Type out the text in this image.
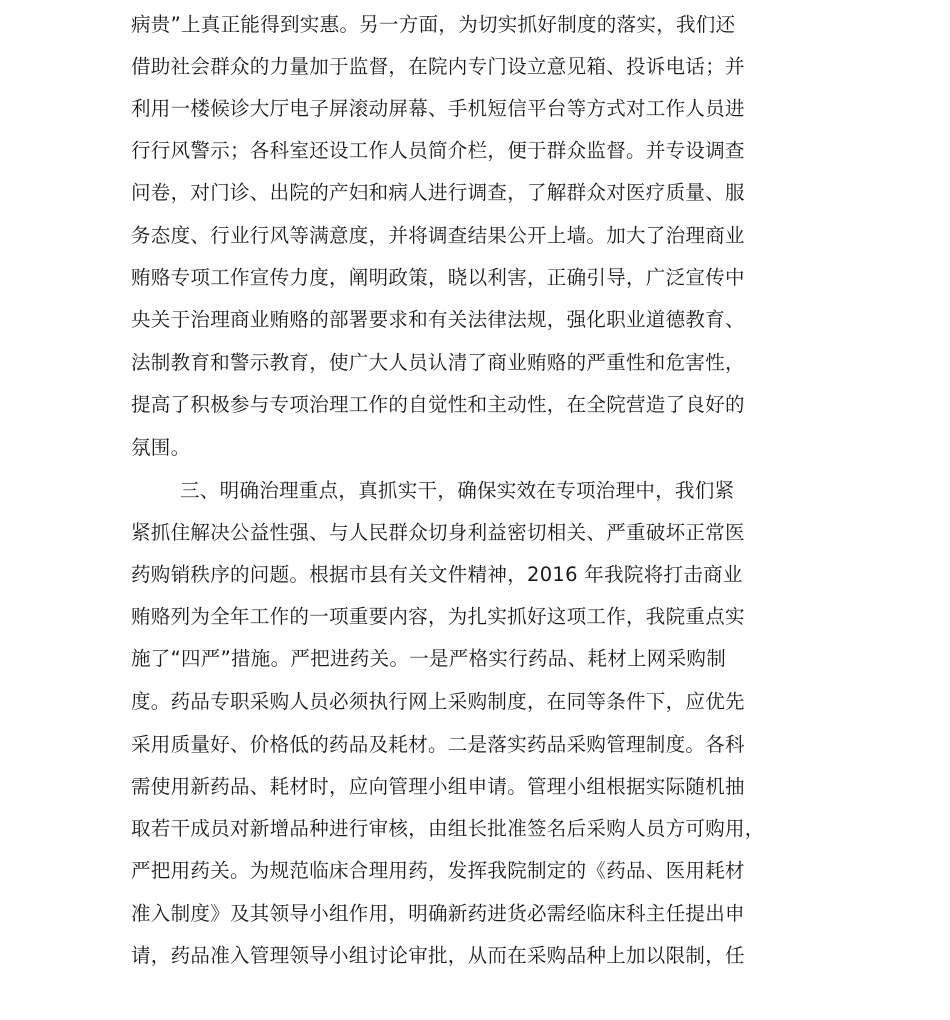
病贵”上真正能得到实惠。另一方面，为切实抓好制度的落实，我们还
借助社会群众的力量加于监督，在院内专门设立意见箱、投诉电话；并
利用一楼候诊大厅电子屏滚动屏幕、手机短信平台等方式对工作人员进
行行风警示；各科室还设工作人员简介栏，便于群众监督。并专设调查
问卷，对门诊、出院的产妇和病人进行调查，了解群众对医疗质量、服
务态度、行业行风等满意度，并将调查结果公开上墙。加大了治理商业
贿赂专项工作宣传力度，阐明政策，晓以利害，正确引导，广泛宣传中
央关于治理商业贿赂的部署要求和有关法律法规，强化职业道德教育、
法制教育和警示教育，使广大人员认清了商业贿赂的严重性和危害性，
提高了积极参与专项治理工作的自觉性和主动性，在全院营造了良好的
氛围。
三、明确治理重点，真抓实干，确保实效在专项治理中，我们紧
紧抓住解决公益性强、与人民群众切身利益密切相关、严重破坏正常医
药购销秩序的问题。根据市县有关文件精神，2016 年我院将打击商业
贿赂列为全年工作的一项重要内容，为扎实抓好这项工作，我院重点实
施了“四严”措施。严把进药关。一是严格实行药品、耗材上网采购制
度。药品专职采购人员必须执行网上采购制度，在同等条件下，应优先
采用质量好、价格低的药品及耗材。二是落实药品采购管理制度。各科
需使用新药品、耗材时，应向管理小组申请。管理小组根据实际随机抽
取若干成员对新增品种进行审核，由组长批准签名后采购人员方可购用，
严把用药关。为规范临床合理用药，发挥我院制定的《药品、医用耗材
准入制度》及其领导小组作用，明确新药进货必需经临床科主任提出申
请，药品准入管理领导小组讨论审批，从而在采购品种上加以限制，任
